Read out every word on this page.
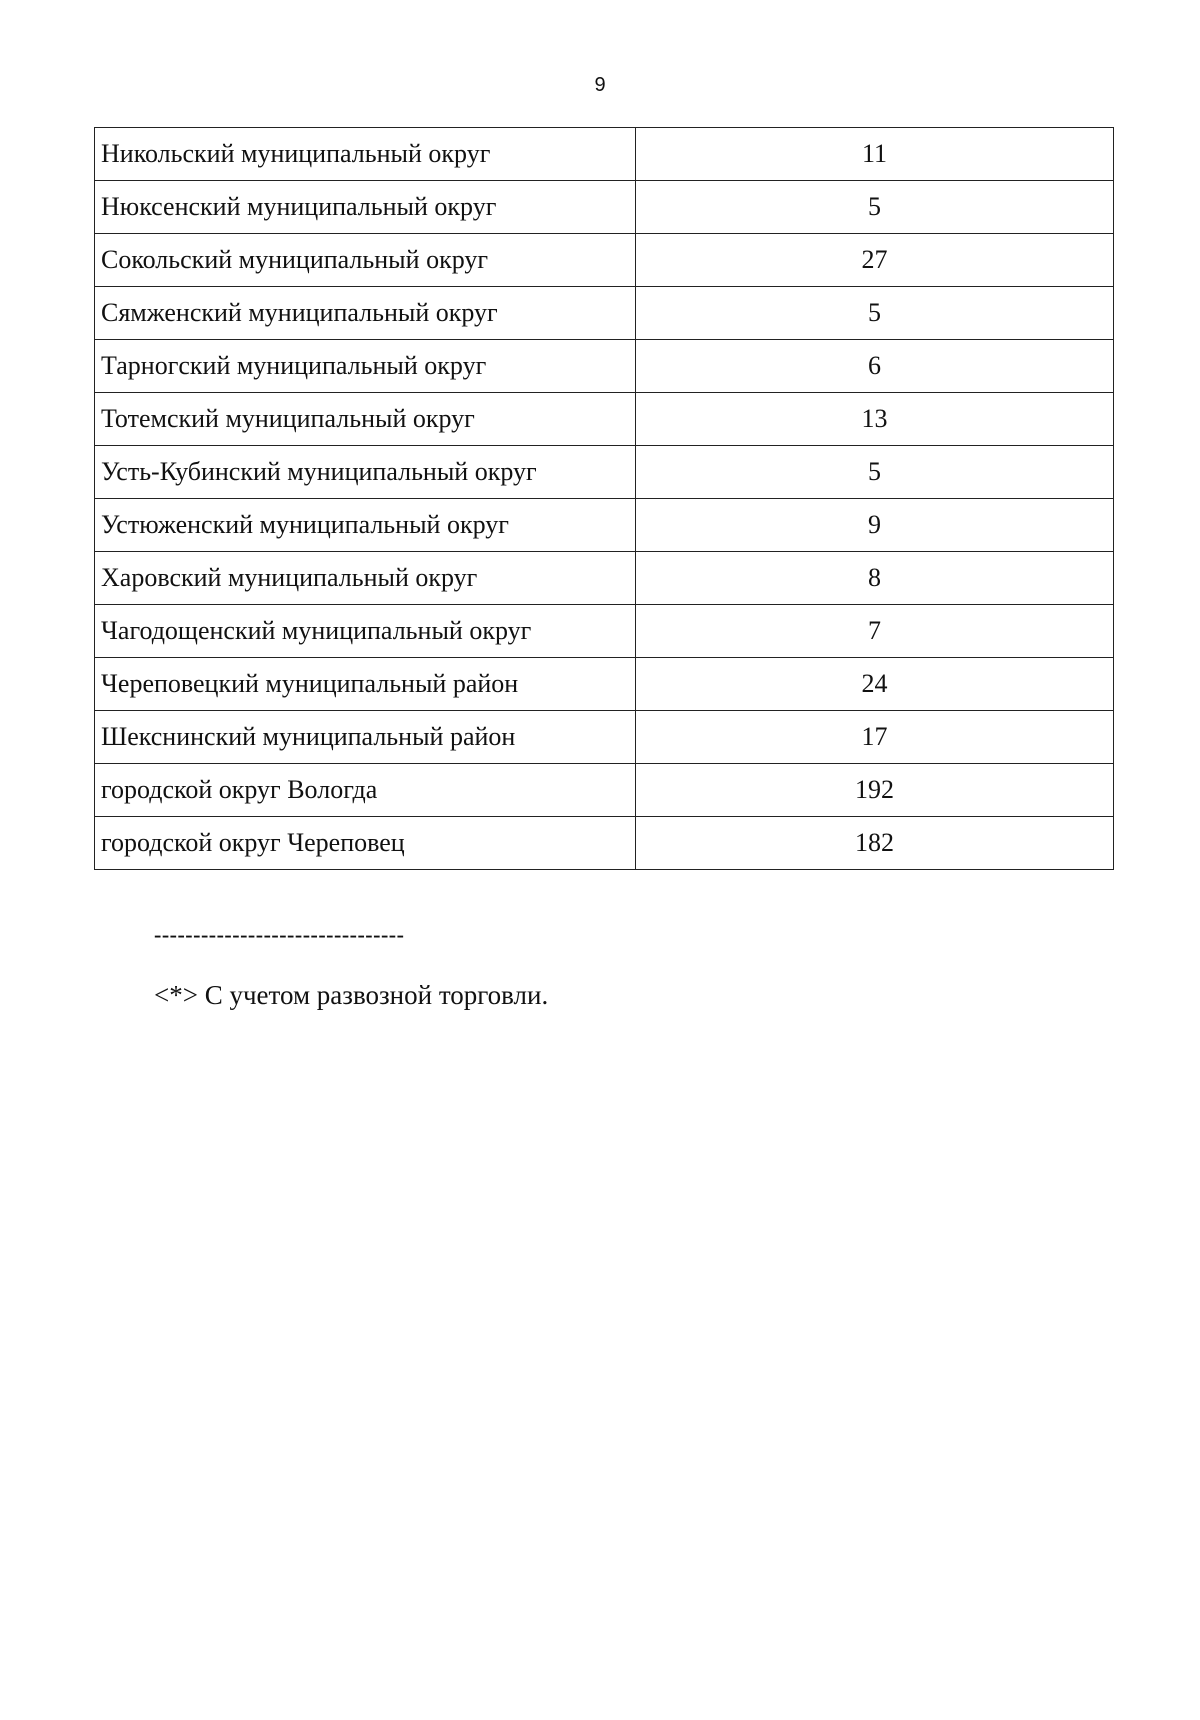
9
Никольский муниципальный округ	11
Нюксенский муниципальный округ	5
Сокольский муниципальный округ	27
Сямженский муниципальный округ	5
Тарногский муниципальный округ	6
Тотемский муниципальный округ	13
Усть-Кубинский муниципальный округ	5
Устюженский муниципальный округ	9
Харовский муниципальный округ	8
Чагодощенский муниципальный округ	7
Череповецкий муниципальный район	24
Шекснинский муниципальный район	17
городской округ Вологда	192
городской округ Череповец	182
--------------------------------
<*> С учетом развозной торговли.
